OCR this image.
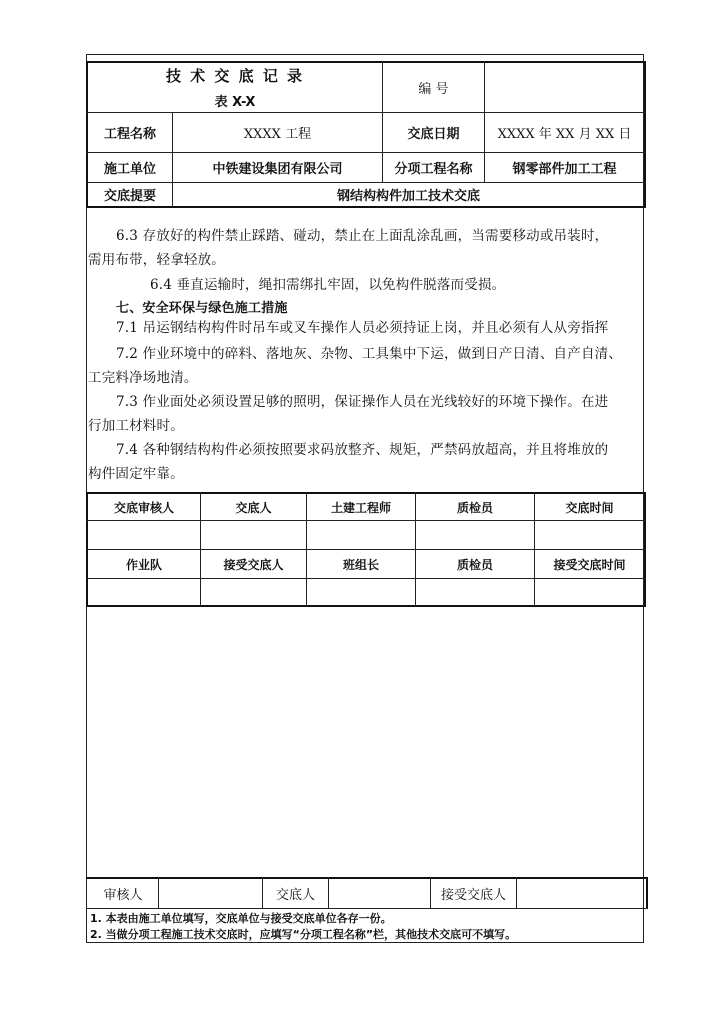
技 术 交 底 记 录
表 X-X
编 号
工程名称	XXXX 工程	交底日期	XXXX 年 XX 月 XX 日
施工单位	中铁建设集团有限公司	分项工程名称	钢零部件加工工程
交底提要	钢结构构件加工技术交底
6.3 存放好的构件禁止踩踏、碰动，禁止在上面乱涂乱画，当需要移动或吊装时，
需用布带，轻拿轻放。
6.4 垂直运输时，绳扣需绑扎牢固，以免构件脱落而受损。
七、安全环保与绿色施工措施
7.1 吊运钢结构构件时吊车或叉车操作人员必须持证上岗，并且必须有人从旁指挥
7.2 作业环境中的碎料、落地灰、杂物、工具集中下运，做到日产日清、自产自清、
工完料净场地清。
7.3 作业面处必须设置足够的照明，保证操作人员在光线较好的环境下操作。在进
行加工材料时。
7.4 各种钢结构构件必须按照要求码放整齐、规矩，严禁码放超高，并且将堆放的
构件固定牢靠。
交底审核人	交底人	土建工程师	质检员	交底时间
作业队	接受交底人	班组长	质检员	接受交底时间
审核人	交底人	接受交底人
1. 本表由施工单位填写，交底单位与接受交底单位各存一份。
2. 当做分项工程施工技术交底时，应填写“分项工程名称”栏，其他技术交底可不填写。
